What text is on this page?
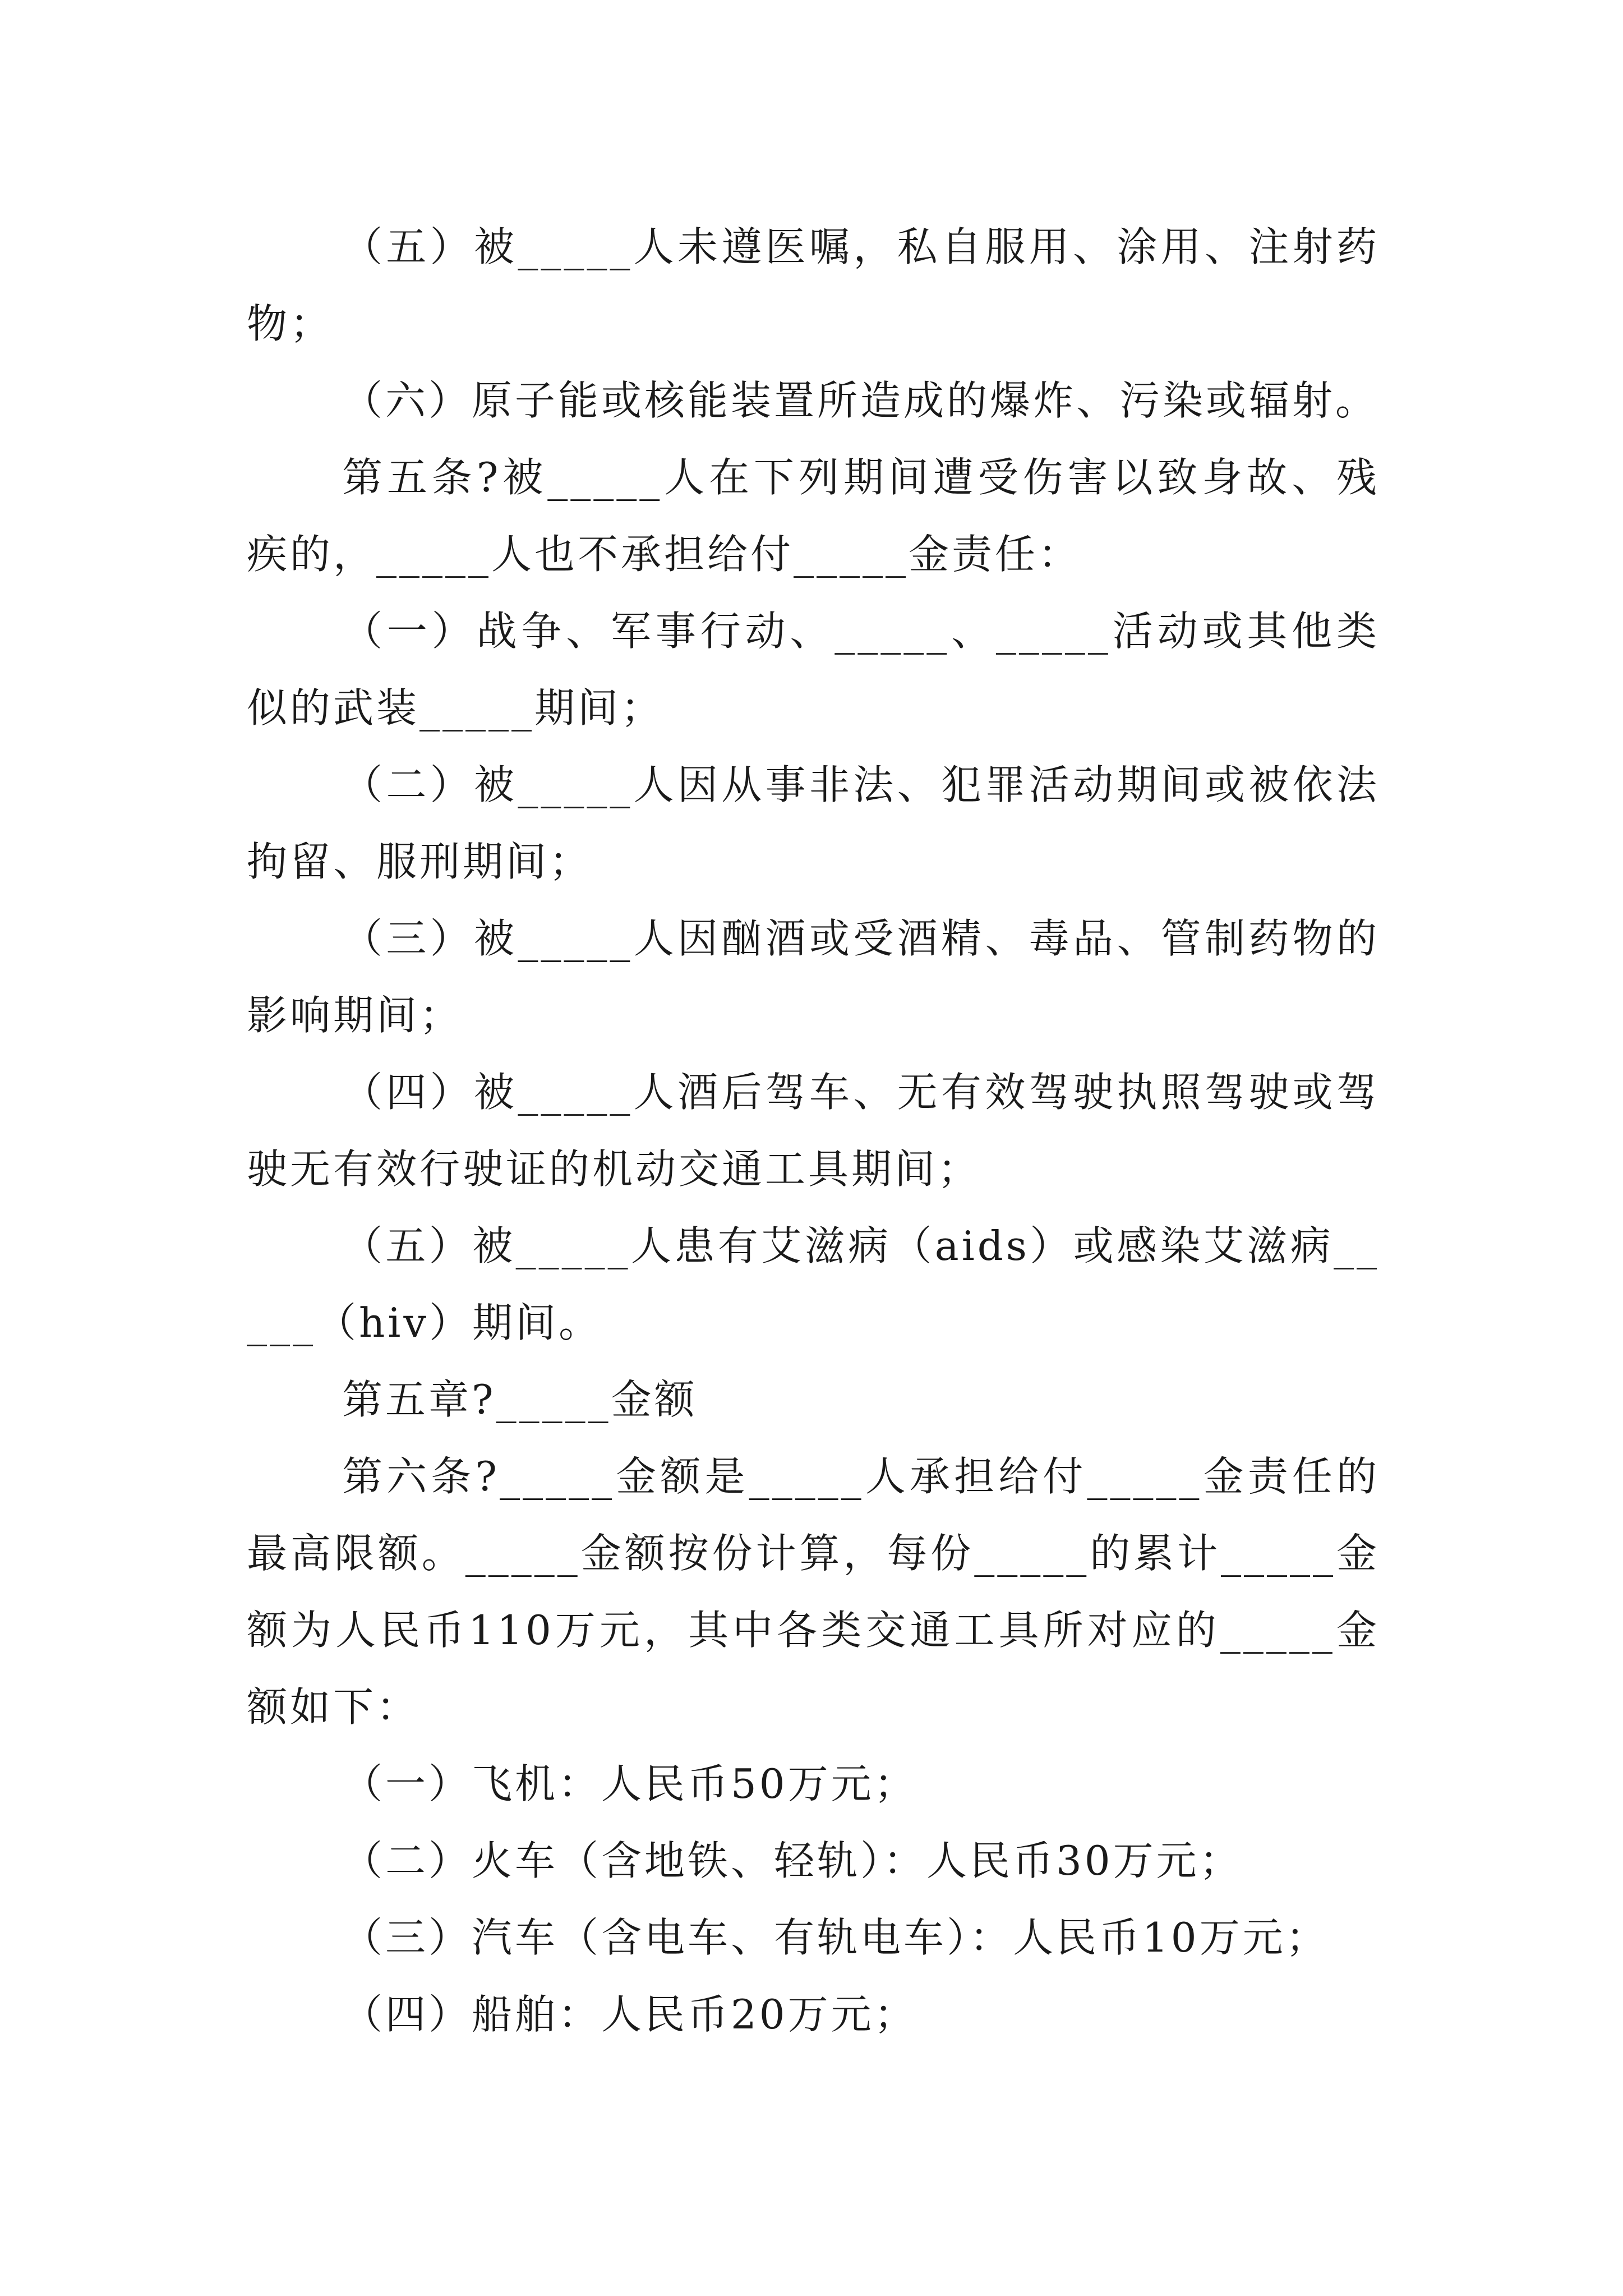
（五）被_____人未遵医嘱，私自服用、涂用、注射药物；

（六）原子能或核能装置所造成的爆炸、污染或辐射。

第五条?被_____人在下列期间遭受伤害以致身故、残疾的，_____人也不承担给付_____金责任：

（一）战争、军事行动、_____、_____活动或其他类似的武装_____期间；

（二）被_____人因从事非法、犯罪活动期间或被依法拘留、服刑期间；

（三）被_____人因酗酒或受酒精、毒品、管制药物的影响期间；

（四）被_____人酒后驾车、无有效驾驶执照驾驶或驾驶无有效行驶证的机动交通工具期间；

（五）被_____人患有艾滋病（aids）或感染艾滋病_____（hiv）期间。

第五章?_____金额

第六条?_____金额是_____人承担给付_____金责任的最高限额。_____金额按份计算，每份_____的累计_____金额为人民币110万元，其中各类交通工具所对应的_____金额如下：

（一）飞机：人民币50万元；

（二）火车（含地铁、轻轨）：人民币30万元；

（三）汽车（含电车、有轨电车）：人民币10万元；

（四）船舶：人民币20万元；
